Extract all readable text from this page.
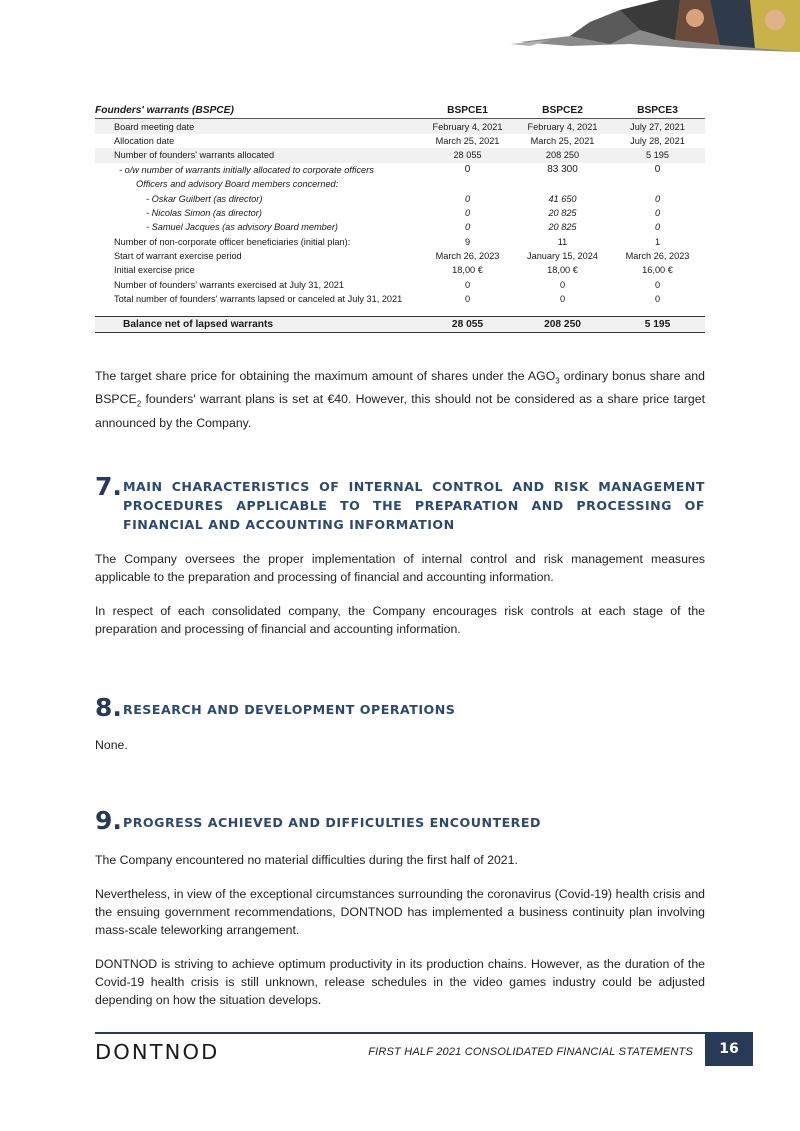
Founders' warrants (BSPCE)	BSPCE1	BSPCE2	BSPCE3
Board meeting date	February 4, 2021	February 4, 2021	July 27, 2021
Allocation date	March 25, 2021	March 25, 2021	July 28, 2021
Number of founders' warrants allocated	28 055	208 250	5 195
- o/w number of warrants initially allocated to corporate officers	0	83 300	0
Officers and advisory Board members concerned:			
- Oskar Guilbert (as director)	0	41 650	0
- Nicolas Simon (as director)	0	20 825	0
- Samuel Jacques (as advisory Board member)	0	20 825	0
Number of non-corporate officer beneficiaries (initial plan):	9	11	1
Start of warrant exercise period	March 26, 2023	January 15, 2024	March 26, 2023
Initial exercise price	18,00 €	18,00 €	16,00 €
Number of founders' warrants exercised at July 31, 2021	0	0	0
Total number of founders' warrants lapsed or canceled at July 31, 2021	0	0	0

Balance net of lapsed warrants	28 055	208 250	5 195

The target share price for obtaining the maximum amount of shares under the $AGO_3$ ordinary bonus share and $BSPCE_2$ founders' warrant plans is set at €40. However, this should not be considered as a share price target announced by the Company.

7. MAIN CHARACTERISTICS OF INTERNAL CONTROL AND RISK MANAGEMENT PROCEDURES APPLICABLE TO THE PREPARATION AND PROCESSING OF FINANCIAL AND ACCOUNTING INFORMATION

The Company oversees the proper implementation of internal control and risk management measures applicable to the preparation and processing of financial and accounting information.

In respect of each consolidated company, the Company encourages risk controls at each stage of the preparation and processing of financial and accounting information.

8. RESEARCH AND DEVELOPMENT OPERATIONS

None.

9. PROGRESS ACHIEVED AND DIFFICULTIES ENCOUNTERED

The Company encountered no material difficulties during the first half of 2021.

Nevertheless, in view of the exceptional circumstances surrounding the coronavirus (Covid-19) health crisis and the ensuing government recommendations, DONTNOD has implemented a business continuity plan involving mass-scale teleworking arrangement.

DONTNOD is striving to achieve optimum productivity in its production chains. However, as the duration of the Covid-19 health crisis is still unknown, release schedules in the video games industry could be adjusted depending on how the situation develops.

DONTNOD	FIRST HALF 2021 CONSOLIDATED FINANCIAL STATEMENTS	16
